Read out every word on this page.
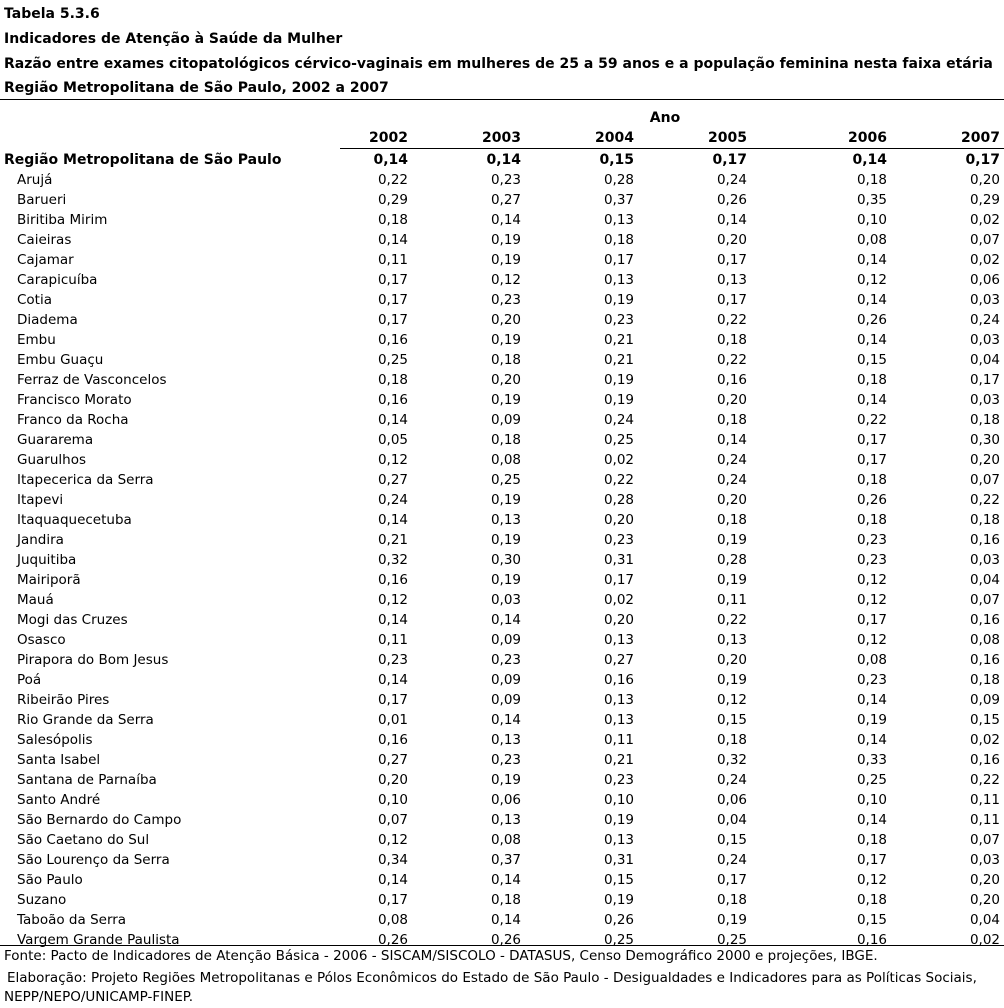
Tabela 5.3.6
Indicadores de Atenção à Saúde da Mulher
Razão entre exames citopatológicos cérvico-vaginais em mulheres de 25 a 59 anos e a população feminina nesta faixa etária
Região Metropolitana de São Paulo, 2002 a 2007
Ano
2002	2003	2004	2005	2006	2007
Região Metropolitana de São Paulo	0,14	0,14	0,15	0,17	0,14	0,17
Arujá	0,22	0,23	0,28	0,24	0,18	0,20
Barueri	0,29	0,27	0,37	0,26	0,35	0,29
Biritiba Mirim	0,18	0,14	0,13	0,14	0,10	0,02
Caieiras	0,14	0,19	0,18	0,20	0,08	0,07
Cajamar	0,11	0,19	0,17	0,17	0,14	0,02
Carapicuíba	0,17	0,12	0,13	0,13	0,12	0,06
Cotia	0,17	0,23	0,19	0,17	0,14	0,03
Diadema	0,17	0,20	0,23	0,22	0,26	0,24
Embu	0,16	0,19	0,21	0,18	0,14	0,03
Embu Guaçu	0,25	0,18	0,21	0,22	0,15	0,04
Ferraz de Vasconcelos	0,18	0,20	0,19	0,16	0,18	0,17
Francisco Morato	0,16	0,19	0,19	0,20	0,14	0,03
Franco da Rocha	0,14	0,09	0,24	0,18	0,22	0,18
Guararema	0,05	0,18	0,25	0,14	0,17	0,30
Guarulhos	0,12	0,08	0,02	0,24	0,17	0,20
Itapecerica da Serra	0,27	0,25	0,22	0,24	0,18	0,07
Itapevi	0,24	0,19	0,28	0,20	0,26	0,22
Itaquaquecetuba	0,14	0,13	0,20	0,18	0,18	0,18
Jandira	0,21	0,19	0,23	0,19	0,23	0,16
Juquitiba	0,32	0,30	0,31	0,28	0,23	0,03
Mairiporã	0,16	0,19	0,17	0,19	0,12	0,04
Mauá	0,12	0,03	0,02	0,11	0,12	0,07
Mogi das Cruzes	0,14	0,14	0,20	0,22	0,17	0,16
Osasco	0,11	0,09	0,13	0,13	0,12	0,08
Pirapora do Bom Jesus	0,23	0,23	0,27	0,20	0,08	0,16
Poá	0,14	0,09	0,16	0,19	0,23	0,18
Ribeirão Pires	0,17	0,09	0,13	0,12	0,14	0,09
Rio Grande da Serra	0,01	0,14	0,13	0,15	0,19	0,15
Salesópolis	0,16	0,13	0,11	0,18	0,14	0,02
Santa Isabel	0,27	0,23	0,21	0,32	0,33	0,16
Santana de Parnaíba	0,20	0,19	0,23	0,24	0,25	0,22
Santo André	0,10	0,06	0,10	0,06	0,10	0,11
São Bernardo do Campo	0,07	0,13	0,19	0,04	0,14	0,11
São Caetano do Sul	0,12	0,08	0,13	0,15	0,18	0,07
São Lourenço da Serra	0,34	0,37	0,31	0,24	0,17	0,03
São Paulo	0,14	0,14	0,15	0,17	0,12	0,20
Suzano	0,17	0,18	0,19	0,18	0,18	0,20
Taboão da Serra	0,08	0,14	0,26	0,19	0,15	0,04
Vargem Grande Paulista	0,26	0,26	0,25	0,25	0,16	0,02
Fonte: Pacto de Indicadores de Atenção Básica - 2006 - SISCAM/SISCOLO - DATASUS, Censo Demográfico 2000 e projeções, IBGE.
Elaboração: Projeto Regiões Metropolitanas e Pólos Econômicos do Estado de São Paulo - Desigualdades e Indicadores para as Políticas Sociais,
NEPP/NEPO/UNICAMP-FINEP.
